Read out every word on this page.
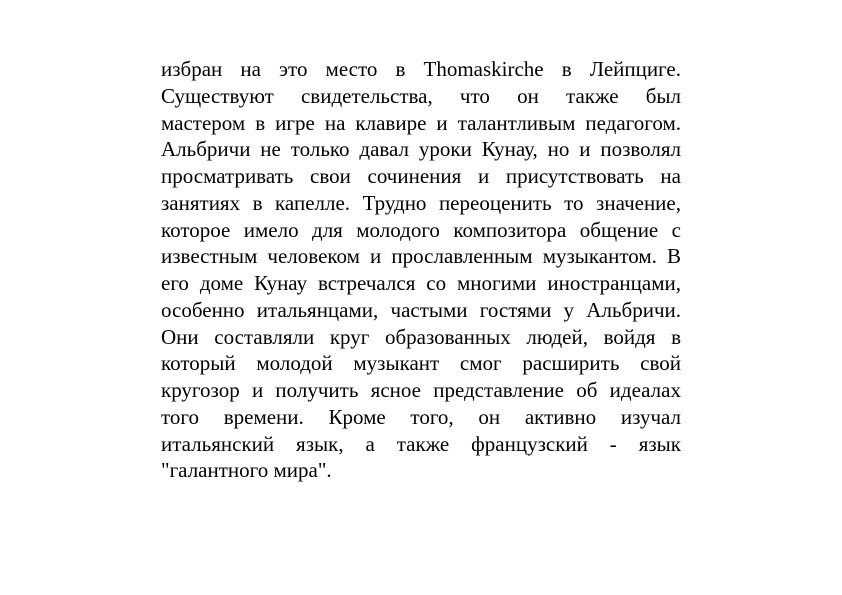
избран на это место в Thomaskirche в Лейпциге.
Существуют свидетельства, что он также был
мастером в игре на клавире и талантливым педагогом.
Альбричи не только давал уроки Кунау, но и позволял
просматривать свои сочинения и присутствовать на
занятиях в капелле. Трудно переоценить то значение,
которое имело для молодого композитора общение с
известным человеком и прославленным музыкантом. В
его доме Кунау встречался со многими иностранцами,
особенно итальянцами, частыми гостями у Альбричи.
Они составляли круг образованных людей, войдя в
который молодой музыкант смог расширить свой
кругозор и получить ясное представление об идеалах
того времени. Кроме того, он активно изучал
итальянский язык, а также французский - язык
"галантного мира".
